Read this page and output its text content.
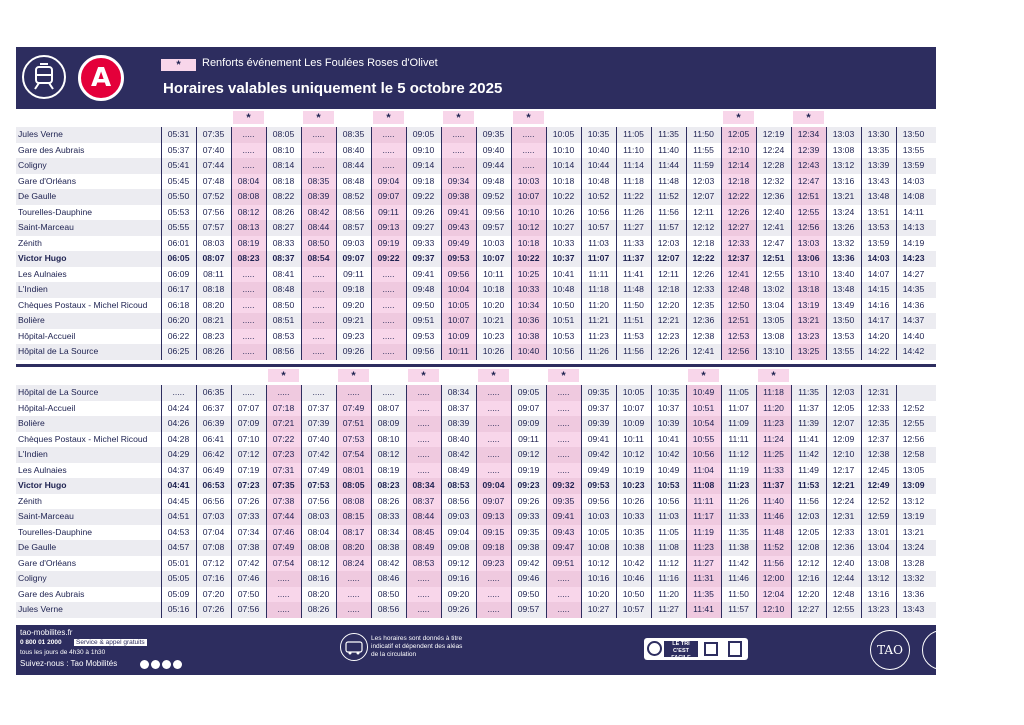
A	*	Renforts événement Les Foulées Roses d'Olivet
Horaires valables uniquement le 5 octobre 2025
*	*	*	*	*	*	*
Jules Verne	05:31	07:35	.....	08:05	.....	08:35	.....	09:05	.....	09:35	.....	10:05	10:35	11:05	11:35	11:50	12:05	12:19	12:34	13:03	13:30	13:50
Gare des Aubrais	05:37	07:40	.....	08:10	.....	08:40	.....	09:10	.....	09:40	.....	10:10	10:40	11:10	11:40	11:55	12:10	12:24	12:39	13:08	13:35	13:55
Coligny	05:41	07:44	.....	08:14	.....	08:44	.....	09:14	.....	09:44	.....	10:14	10:44	11:14	11:44	11:59	12:14	12:28	12:43	13:12	13:39	13:59
Gare d'Orléans	05:45	07:48	08:04	08:18	08:35	08:48	09:04	09:18	09:34	09:48	10:03	10:18	10:48	11:18	11:48	12:03	12:18	12:32	12:47	13:16	13:43	14:03
De Gaulle	05:50	07:52	08:08	08:22	08:39	08:52	09:07	09:22	09:38	09:52	10:07	10:22	10:52	11:22	11:52	12:07	12:22	12:36	12:51	13:21	13:48	14:08
Tourelles-Dauphine	05:53	07:56	08:12	08:26	08:42	08:56	09:11	09:26	09:41	09:56	10:10	10:26	10:56	11:26	11:56	12:11	12:26	12:40	12:55	13:24	13:51	14:11
Saint-Marceau	05:55	07:57	08:13	08:27	08:44	08:57	09:13	09:27	09:43	09:57	10:12	10:27	10:57	11:27	11:57	12:12	12:27	12:41	12:56	13:26	13:53	14:13
Zénith	06:01	08:03	08:19	08:33	08:50	09:03	09:19	09:33	09:49	10:03	10:18	10:33	11:03	11:33	12:03	12:18	12:33	12:47	13:03	13:32	13:59	14:19
Victor Hugo	06:05	08:07	08:23	08:37	08:54	09:07	09:22	09:37	09:53	10:07	10:22	10:37	11:07	11:37	12:07	12:22	12:37	12:51	13:06	13:36	14:03	14:23
Les Aulnaies	06:09	08:11	.....	08:41	.....	09:11	.....	09:41	09:56	10:11	10:25	10:41	11:11	11:41	12:11	12:26	12:41	12:55	13:10	13:40	14:07	14:27
L'Indien	06:17	08:18	.....	08:48	.....	09:18	.....	09:48	10:04	10:18	10:33	10:48	11:18	11:48	12:18	12:33	12:48	13:02	13:18	13:48	14:15	14:35
Chèques Postaux - Michel Ricoud	06:18	08:20	.....	08:50	.....	09:20	.....	09:50	10:05	10:20	10:34	10:50	11:20	11:50	12:20	12:35	12:50	13:04	13:19	13:49	14:16	14:36
Bolière	06:20	08:21	.....	08:51	.....	09:21	.....	09:51	10:07	10:21	10:36	10:51	11:21	11:51	12:21	12:36	12:51	13:05	13:21	13:50	14:17	14:37
Hôpital-Accueil	06:22	08:23	.....	08:53	.....	09:23	.....	09:53	10:09	10:23	10:38	10:53	11:23	11:53	12:23	12:38	12:53	13:08	13:23	13:53	14:20	14:40
Hôpital de La Source	06:25	08:26	.....	08:56	.....	09:26	.....	09:56	10:11	10:26	10:40	10:56	11:26	11:56	12:26	12:41	12:56	13:10	13:25	13:55	14:22	14:42
*	*	*	*	*	*	*
Hôpital de La Source	.....	06:35	.....	.....	.....	.....	.....	.....	08:34	.....	09:05	.....	09:35	10:05	10:35	10:49	11:05	11:18	11:35	12:03	12:31
Hôpital-Accueil	04:24	06:37	07:07	07:18	07:37	07:49	08:07	.....	08:37	.....	09:07	.....	09:37	10:07	10:37	10:51	11:07	11:20	11:37	12:05	12:33	12:52
Bolière	04:26	06:39	07:09	07:21	07:39	07:51	08:09	.....	08:39	.....	09:09	.....	09:39	10:09	10:39	10:54	11:09	11:23	11:39	12:07	12:35	12:55
Chèques Postaux - Michel Ricoud	04:28	06:41	07:10	07:22	07:40	07:53	08:10	.....	08:40	.....	09:11	.....	09:41	10:11	10:41	10:55	11:11	11:24	11:41	12:09	12:37	12:56
L'Indien	04:29	06:42	07:12	07:23	07:42	07:54	08:12	.....	08:42	.....	09:12	.....	09:42	10:12	10:42	10:56	11:12	11:25	11:42	12:10	12:38	12:58
Les Aulnaies	04:37	06:49	07:19	07:31	07:49	08:01	08:19	.....	08:49	.....	09:19	.....	09:49	10:19	10:49	11:04	11:19	11:33	11:49	12:17	12:45	13:05
Victor Hugo	04:41	06:53	07:23	07:35	07:53	08:05	08:23	08:34	08:53	09:04	09:23	09:32	09:53	10:23	10:53	11:08	11:23	11:37	11:53	12:21	12:49	13:09
Zénith	04:45	06:56	07:26	07:38	07:56	08:08	08:26	08:37	08:56	09:07	09:26	09:35	09:56	10:26	10:56	11:11	11:26	11:40	11:56	12:24	12:52	13:12
Saint-Marceau	04:51	07:03	07:33	07:44	08:03	08:15	08:33	08:44	09:03	09:13	09:33	09:41	10:03	10:33	11:03	11:17	11:33	11:46	12:03	12:31	12:59	13:19
Tourelles-Dauphine	04:53	07:04	07:34	07:46	08:04	08:17	08:34	08:45	09:04	09:15	09:35	09:43	10:05	10:35	11:05	11:19	11:35	11:48	12:05	12:33	13:01	13:21
De Gaulle	04:57	07:08	07:38	07:49	08:08	08:20	08:38	08:49	09:08	09:18	09:38	09:47	10:08	10:38	11:08	11:23	11:38	11:52	12:08	12:36	13:04	13:24
Gare d'Orléans	05:01	07:12	07:42	07:54	08:12	08:24	08:42	08:53	09:12	09:23	09:42	09:51	10:12	10:42	11:12	11:27	11:42	11:56	12:12	12:40	13:08	13:28
Coligny	05:05	07:16	07:46	.....	08:16	.....	08:46	.....	09:16	.....	09:46	.....	10:16	10:46	11:16	11:31	11:46	12:00	12:16	12:44	13:12	13:32
Gare des Aubrais	05:09	07:20	07:50	.....	08:20	.....	08:50	.....	09:20	.....	09:50	.....	10:20	10:50	11:20	11:35	11:50	12:04	12:20	12:48	13:16	13:36
Jules Verne	05:16	07:26	07:56	.....	08:26	.....	08:56	.....	09:26	.....	09:57	.....	10:27	10:57	11:27	11:41	11:57	12:10	12:27	12:55	13:23	13:43
tao-mobilites.fr
0 800 01 2000	Service & appel gratuits
tous les jours de 4h30 à 1h30
Suivez-nous : Tao Mobilités
Les horaires sont donnés à titre indicatif et dépendent des aléas de la circulation
LE TRI C'EST FACILE
TAO
